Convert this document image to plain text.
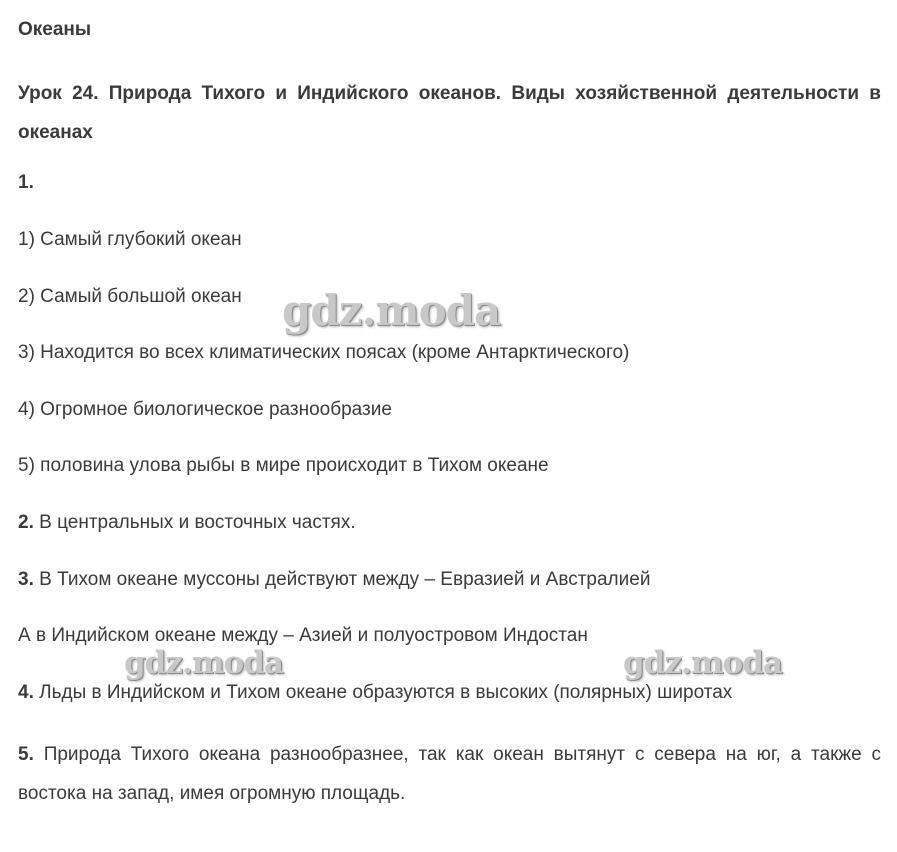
Океаны

Урок 24. Природа Тихого и Индийского океанов. Виды хозяйственной деятельности в океанах

1.
1) Самый глубокий океан
2) Самый большой океан
3) Находится во всех климатических поясах (кроме Антарктического)
4) Огромное биологическое разнообразие
5) половина улова рыбы в мире происходит в Тихом океане
2. В центральных и восточных частях.
3. В Тихом океане муссоны действуют между – Евразией и Австралией
А в Индийском океане между – Азией и полуостровом Индостан
4. Льды в Индийском и Тихом океане образуются в высоких (полярных) широтах

5. Природа Тихого океана разнообразнее, так как океан вытянут с севера на юг, а также с востока на запад, имея огромную площадь.

gdz.moda
gdz.moda	gdz.moda
